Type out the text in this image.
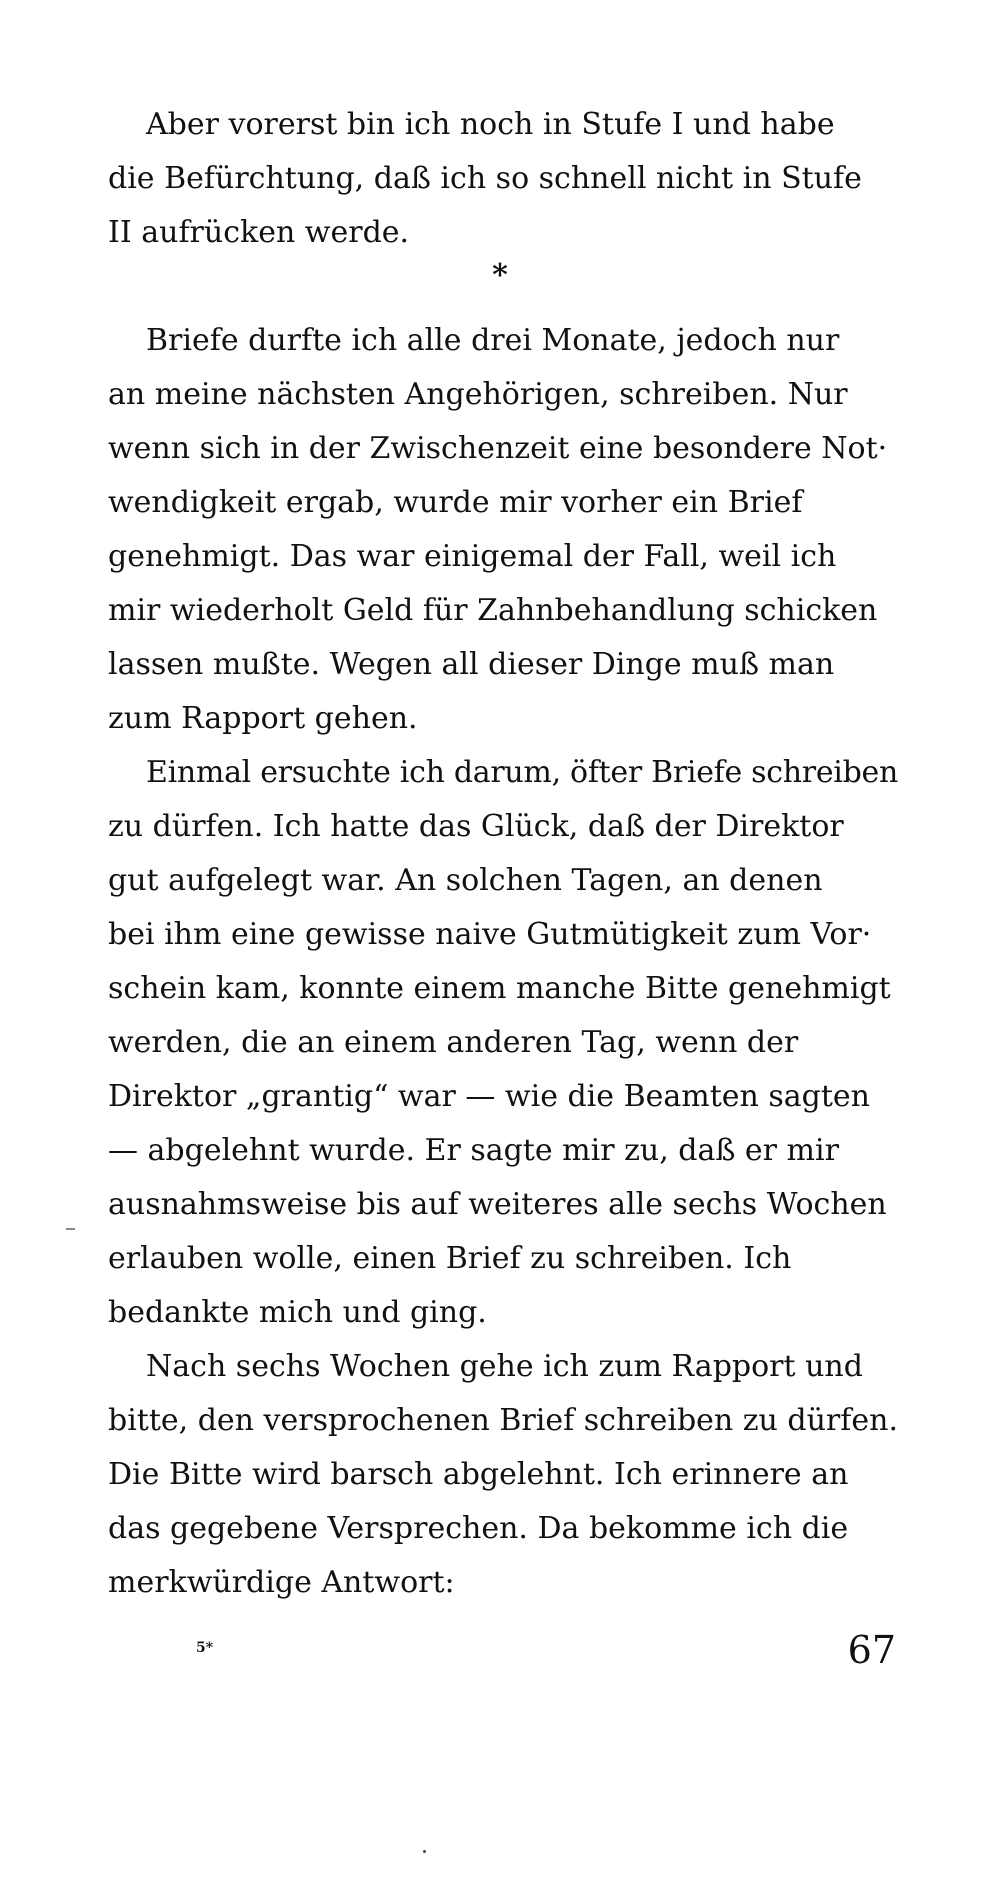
Aber vorerst bin ich noch in Stufe I und habe
die Befürchtung, daß ich so schnell nicht in Stufe
II aufrücken werde.
*
Briefe durfte ich alle drei Monate, jedoch nur
an meine nächsten Angehörigen, schreiben. Nur
wenn sich in der Zwischenzeit eine besondere Not·
wendigkeit ergab, wurde mir vorher ein Brief
genehmigt. Das war einigemal der Fall, weil ich
mir wiederholt Geld für Zahnbehandlung schicken
lassen mußte. Wegen all dieser Dinge muß man
zum Rapport gehen.
Einmal ersuchte ich darum, öfter Briefe schreiben
zu dürfen. Ich hatte das Glück, daß der Direktor
gut aufgelegt war. An solchen Tagen, an denen
bei ihm eine gewisse naive Gutmütigkeit zum Vor·
schein kam, konnte einem manche Bitte genehmigt
werden, die an einem anderen Tag, wenn der
Direktor „grantig“ war — wie die Beamten sagten
— abgelehnt wurde. Er sagte mir zu, daß er mir
ausnahmsweise bis auf weiteres alle sechs Wochen
erlauben wolle, einen Brief zu schreiben. Ich
bedankte mich und ging.
Nach sechs Wochen gehe ich zum Rapport und
bitte, den versprochenen Brief schreiben zu dürfen.
Die Bitte wird barsch abgelehnt. Ich erinnere an
das gegebene Versprechen. Da bekomme ich die
merkwürdige Antwort:
5*	67
